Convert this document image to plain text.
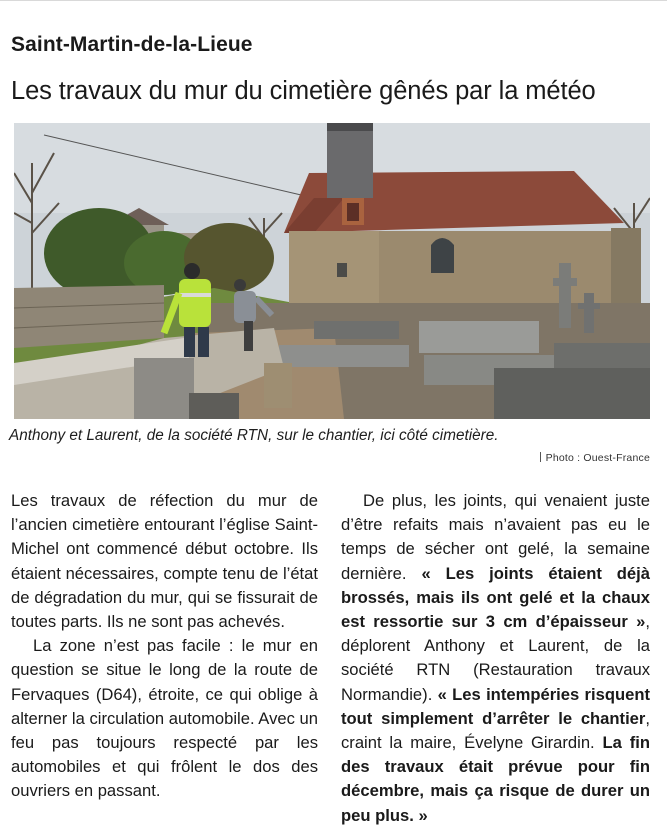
Saint-Martin-de-la-Lieue
Les travaux du mur du cimetière gênés par la météo
Anthony et Laurent, de la société RTN, sur le chantier, ici côté cimetière.
Photo : Ouest-France

Les travaux de réfection du mur de l’ancien cimetière entourant l’église Saint-Michel ont commencé début octobre. Ils étaient nécessaires, compte tenu de l’état de dégradation du mur, qui se fissurait de toutes parts. Ils ne sont pas achevés.

La zone n’est pas facile : le mur en question se situe le long de la route de Fervaques (D64), étroite, ce qui oblige à alterner la circulation automobile. Avec un feu pas toujours respecté par les automobiles et qui frôlent le dos des ouvriers en passant.

De plus, les joints, qui venaient juste d’être refaits mais n’avaient pas eu le temps de sécher ont gelé, la semaine dernière. « Les joints étaient déjà brossés, mais ils ont gelé et la chaux est ressortie sur 3 cm d’épaisseur », déplorent Anthony et Laurent, de la société RTN (Restauration travaux Normandie). « Les intempéries risquent tout simplement d’arrêter le chantier, craint la maire, Évelyne Girardin. La fin des travaux était prévue pour fin décembre, mais ça risque de durer un peu plus. »
